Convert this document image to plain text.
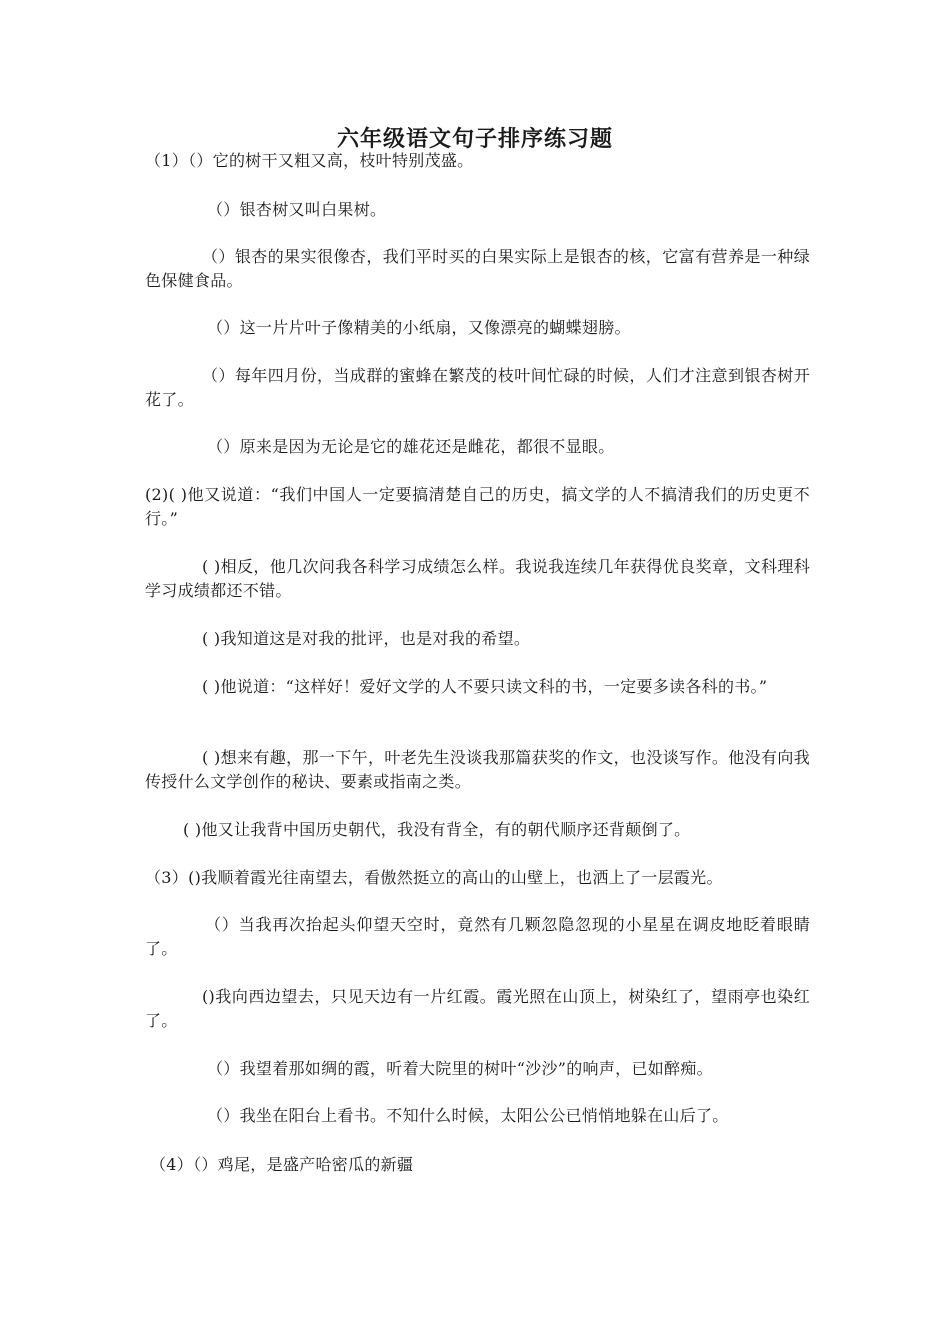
六年级语文句子排序练习题
（1）（）它的树干又粗又高，枝叶特别茂盛。
（）银杏树又叫白果树。
（）银杏的果实很像杏，我们平时买的白果实际上是银杏的核，它富有营养是一种绿色保健食品。
（）这一片片叶子像精美的小纸扇，又像漂亮的蝴蝶翅膀。
（）每年四月份，当成群的蜜蜂在繁茂的枝叶间忙碌的时候，人们才注意到银杏树开花了。
（）原来是因为无论是它的雄花还是雌花，都很不显眼。
(2)( )他又说道：“我们中国人一定要搞清楚自己的历史，搞文学的人不搞清我们的历史更不行。”
( )相反，他几次问我各科学习成绩怎么样。我说我连续几年获得优良奖章，文科理科学习成绩都还不错。
( )我知道这是对我的批评，也是对我的希望。
( )他说道：“这样好！爱好文学的人不要只读文科的书，一定要多读各科的书。”
( )想来有趣，那一下午，叶老先生没谈我那篇获奖的作文，也没谈写作。他没有向我传授什么文学创作的秘诀、要素或指南之类。
( )他又让我背中国历史朝代，我没有背全，有的朝代顺序还背颠倒了。
（3）()我顺着霞光往南望去，看傲然挺立的高山的山壁上，也洒上了一层霞光。
（）当我再次抬起头仰望天空时，竟然有几颗忽隐忽现的小星星在调皮地眨着眼睛了。
()我向西边望去，只见天边有一片红霞。霞光照在山顶上，树染红了，望雨亭也染红了。
（）我望着那如绸的霞，听着大院里的树叶“沙沙”的响声，已如醉痴。
（）我坐在阳台上看书。不知什么时候，太阳公公已悄悄地躲在山后了。
（4）（）鸡尾，是盛产哈密瓜的新疆
